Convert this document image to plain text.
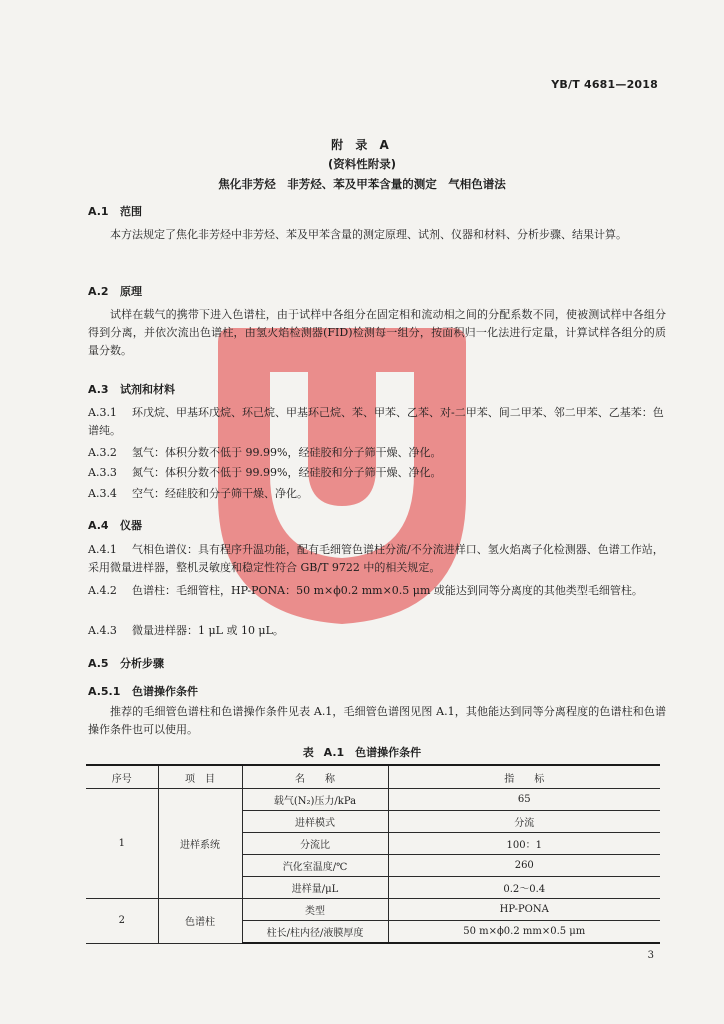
YB/T 4681—2018
附 录 A
(资料性附录)
焦化非芳烃　非芳烃、苯及甲苯含量的测定　气相色谱法
A.1 范围
本方法规定了焦化非芳烃中非芳烃、苯及甲苯含量的测定原理、试剂、仪器和材料、分析步骤、结果计算。
A.2 原理
试样在载气的携带下进入色谱柱，由于试样中各组分在固定相和流动相之间的分配系数不同，使被测试样中各组分得到分离，并依次流出色谱柱，由氢火焰检测器(FID)检测每一组分，按面积归一化法进行定量，计算试样各组分的质量分数。
A.3 试剂和材料
A.3.1 环戊烷、甲基环戊烷、环己烷、甲基环己烷、苯、甲苯、乙苯、对-二甲苯、间二甲苯、邻二甲苯、乙基苯：色谱纯。
A.3.2 氢气：体积分数不低于 99.99%，经硅胶和分子筛干燥、净化。
A.3.3 氮气：体积分数不低于 99.99%，经硅胶和分子筛干燥、净化。
A.3.4 空气：经硅胶和分子筛干燥、净化。
A.4 仪器
A.4.1 气相色谱仪：具有程序升温功能，配有毛细管色谱柱分流/不分流进样口、氢火焰离子化检测器、色谱工作站，采用微量进样器，整机灵敏度和稳定性符合 GB/T 9722 中的相关规定。
A.4.2 色谱柱：毛细管柱，HP-PONA：50 m×ϕ0.2 mm×0.5 μm 或能达到同等分离度的其他类型毛细管柱。
A.4.3 微量进样器：1 μL 或 10 μL。
A.5 分析步骤
A.5.1 色谱操作条件
推荐的毛细管色谱柱和色谱操作条件见表 A.1，毛细管色谱图见图 A.1，其他能达到同等分离程度的色谱柱和色谱操作条件也可以使用。
表 A.1　色谱操作条件
序号	项　目	名　　称	指　　标
1	进样系统	载气(N₂)压力/kPa	65
		进样模式	分流
		分流比	100：1
		汽化室温度/℃	260
		进样量/μL	0.2～0.4
2	色谱柱	类型	HP-PONA
		柱长/柱内径/液膜厚度	50 m×ϕ0.2 mm×0.5 μm
3
